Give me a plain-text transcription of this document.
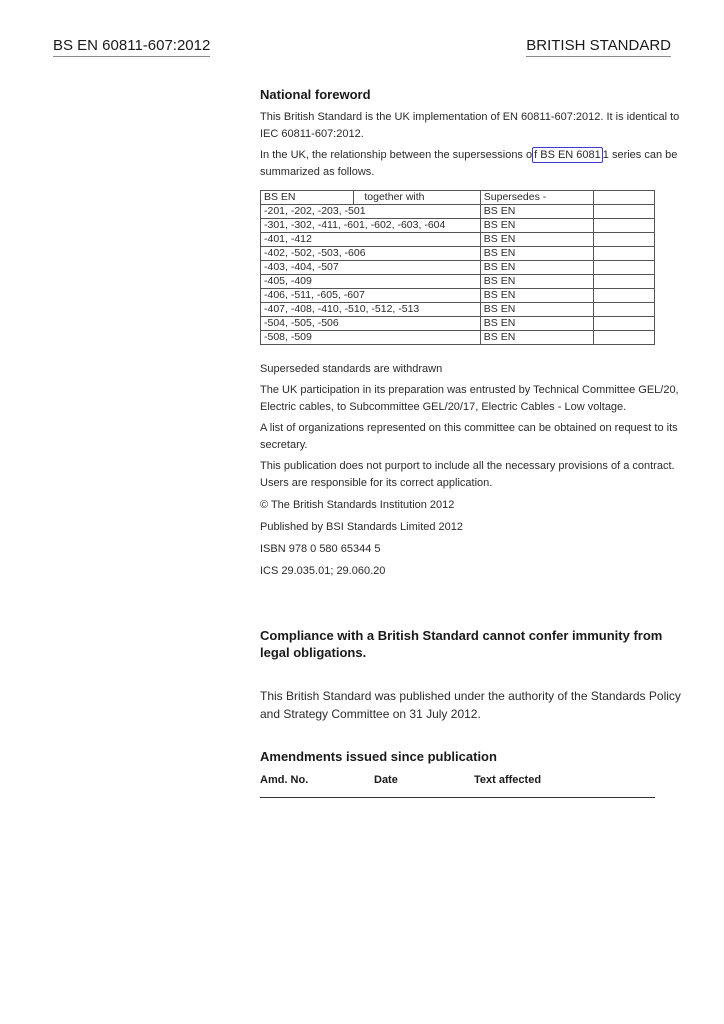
BS EN 60811-607:2012	BRITISH STANDARD
National foreword

This British Standard is the UK implementation of EN 60811-607:2012. It is identical to IEC 60811-607:2012.

In the UK, the relationship between the supersessions o f BS EN 6081 1 series can be summarized as follows.

BS EN	together with	Supersedes -	
-201, -202, -203, -501		BS EN	
-301, -302, -411, -601, -602, -603, -604		BS EN	
-401, -412		BS EN	
-402, -502, -503, -606		BS EN	
-403, -404, -507		BS EN	
-405, -409		BS EN	
-406, -511, -605, -607		BS EN	
-407, -408, -410, -510, -512, -513		BS EN	
-504, -505, -506		BS EN	
-508, -509		BS EN	

Superseded standards are withdrawn

The UK participation in its preparation was entrusted by Technical Committee GEL/20, Electric cables, to Subcommittee GEL/20/17, Electric Cables - Low voltage.

A list of organizations represented on this committee can be obtained on request to its secretary.

This publication does not purport to include all the necessary provisions of a contract. Users are responsible for its correct application.

© The British Standards Institution 2012

Published by BSI Standards Limited 2012

ISBN 978 0 580 65344 5

ICS 29.035.01; 29.060.20

Compliance with a British Standard cannot confer immunity from legal obligations.
This British Standard was published under the authority of the Standards Policy and Strategy Committee on 31 July 2012.
Amendments issued since publication
Amd. No.	Date	Text affected
